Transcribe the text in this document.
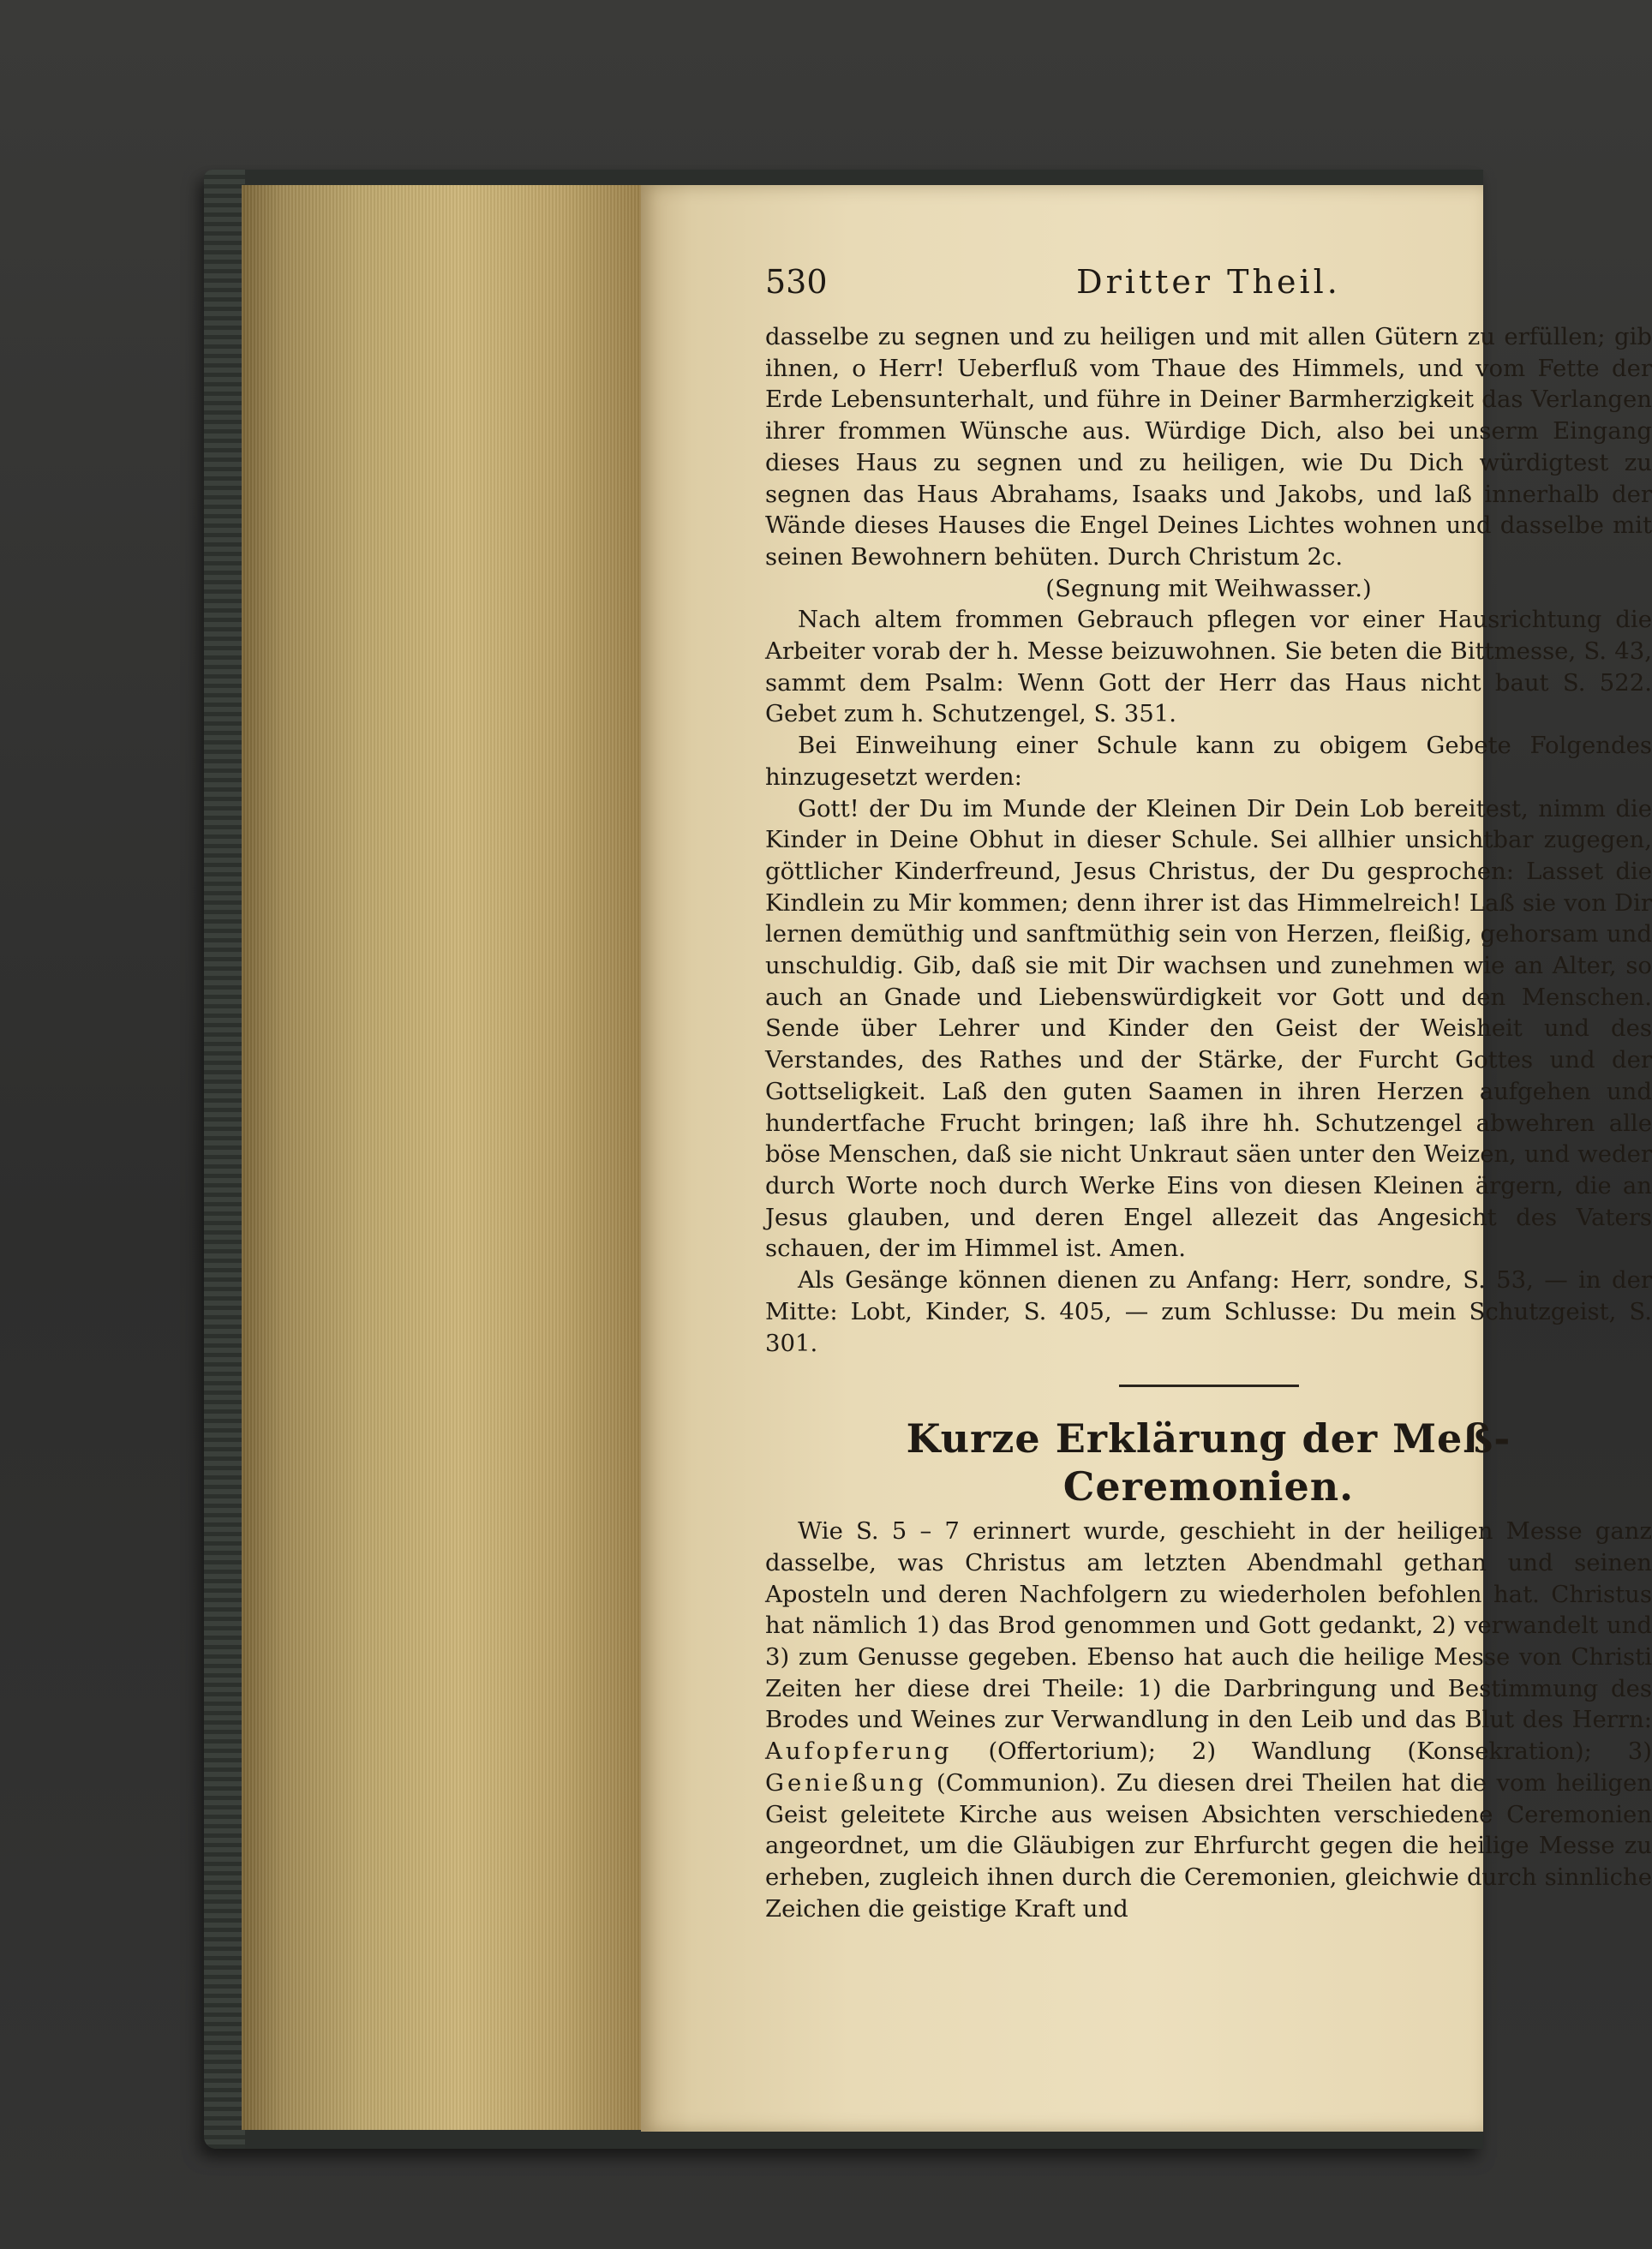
Dritter Theil.
530

dasselbe zu segnen und zu heiligen und mit allen Gütern zu erfüllen; gib ihnen, o Herr! Ueberfluß vom Thaue des Himmels, und vom Fette der Erde Lebensunterhalt, und führe in Deiner Barmherzigkeit das Verlangen ihrer frommen Wünsche aus. Würdige Dich, also bei unserm Eingang dieses Haus zu segnen und zu heiligen, wie Du Dich würdigtest zu segnen das Haus Abrahams, Isaaks und Jakobs, und laß innerhalb der Wände dieses Hauses die Engel Deines Lichtes wohnen und dasselbe mit seinen Bewohnern behüten. Durch Christum 2c.

(Segnung mit Weihwasser.)

Nach altem frommen Gebrauch pflegen vor einer Hausrichtung die Arbeiter vorab der h. Messe beizuwohnen. Sie beten die Bittmesse, S. 43, sammt dem Psalm: Wenn Gott der Herr das Haus nicht baut S. 522. Gebet zum h. Schutzengel, S. 351.

Bei Einweihung einer Schule kann zu obigem Gebete Folgendes hinzugesetzt werden:

Gott! der Du im Munde der Kleinen Dir Dein Lob bereitest, nimm die Kinder in Deine Obhut in dieser Schule. Sei allhier unsichtbar zugegen, göttlicher Kinderfreund, Jesus Christus, der Du gesprochen: Lasset die Kindlein zu Mir kommen; denn ihrer ist das Himmelreich! Laß sie von Dir lernen demüthig und sanftmüthig sein von Herzen, fleißig, gehorsam und unschuldig. Gib, daß sie mit Dir wachsen und zunehmen wie an Alter, so auch an Gnade und Liebenswürdigkeit vor Gott und den Menschen. Sende über Lehrer und Kinder den Geist der Weisheit und des Verstandes, des Rathes und der Stärke, der Furcht Gottes und der Gottseligkeit. Laß den guten Saamen in ihren Herzen aufgehen und hundertfache Frucht bringen; laß ihre hh. Schutzengel abwehren alle böse Menschen, daß sie nicht Unkraut säen unter den Weizen, und weder durch Worte noch durch Werke Eins von diesen Kleinen ärgern, die an Jesus glauben, und deren Engel allezeit das Angesicht des Vaters schauen, der im Himmel ist. Amen.

Als Gesänge können dienen zu Anfang: Herr, sondre, S. 53, — in der Mitte: Lobt, Kinder, S. 405, — zum Schlusse: Du mein Schutzgeist, S. 301.

Kurze Erklärung der Meß-Ceremonien.

Wie S. 5 – 7 erinnert wurde, geschieht in der heiligen Messe ganz dasselbe, was Christus am letzten Abendmahl gethan und seinen Aposteln und deren Nachfolgern zu wiederholen befohlen hat. Christus hat nämlich 1) das Brod genommen und Gott gedankt, 2) verwandelt und 3) zum Genusse gegeben. Ebenso hat auch die heilige Messe von Christi Zeiten her diese drei Theile: 1) die Darbringung und Bestimmung des Brodes und Weines zur Verwandlung in den Leib und das Blut des Herrn: Aufopferung (Offertorium); 2) Wandlung (Konsekration); 3) Genießung (Communion). Zu diesen drei Theilen hat die vom heiligen Geist geleitete Kirche aus weisen Absichten verschiedene Ceremonien angeordnet, um die Gläubigen zur Ehrfurcht gegen die heilige Messe zu erheben, zugleich ihnen durch die Ceremonien, gleichwie durch sinnliche Zeichen die geistige Kraft und
